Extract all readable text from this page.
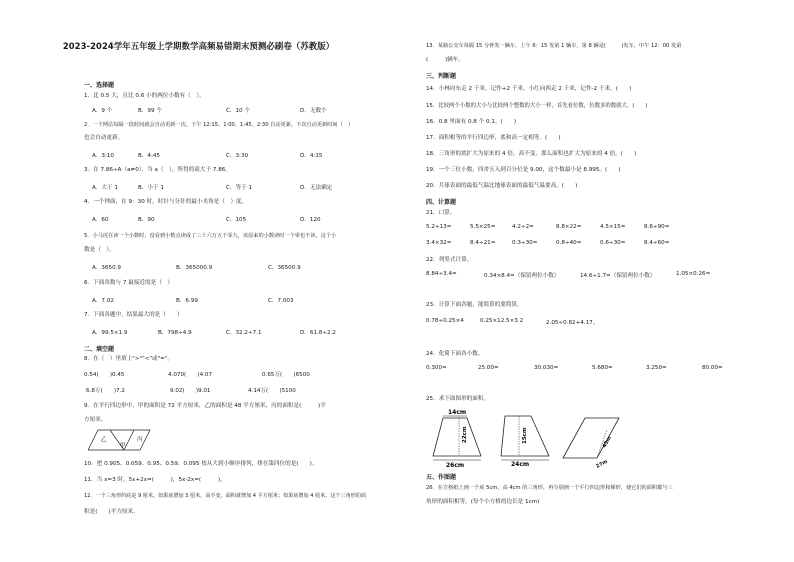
2023-2024学年五年级上学期数学高频易错期末预测必刷卷（苏教版）
一、选择题
1．比 0.5 大，且比 0.6 小的两位小数有（　）。
A．9 个	B．99 个	C．10 个	D．无数个
2．一个网站每隔一段时间就会自动更新一次，下午 12:15、1:00、1:45、2:30 自动更新，下次自动更新时间（　）
也会自动更新。
A．3:10	B．4:45	C．3:30	D．4:15
3．在 7.86÷A（a≠0），当 a（　），所得的商大于 7.86。
A．大于 1	B．小于 1	C．等于 1	D．无法确定
4．一个钟面，在 9：30 时，时针与分针的最小夹角是（　）度。
A．60	B．90	C．105	D．120
5．小马虎在读一个小数时，没看到小数点读成了三十六万五千零九，该原来的小数读时一个零也不读，这个小
数是（　）。
A．3650.9	B．365000.9	C．36500.9
6．下面各数与 7 最接近的是（　）
A．7.02	B．6.99	C．7.003
7．下面各题中，结果最大的是（　　）
A．99.5×1.9	B．798÷4.9	C．32.2÷7.1	D．61.8÷2.2
二、填空题
8．在（　）里填上">""<"或"="。
0.54(　　)0.45	4.070(　　)4.07	0.65万(　　)6500
6.8万(　　)7.2	9.02(　　)9.01	4.14万(　　)5100
9．在平行四边形中，甲的面积是 72 平方厘米，乙的面积是 48 平方厘米，丙的面积是(　　　)平
方厘米。
乙	丙
甲
10．把 0.905、0.059、0.95、0.59、0.095 按从大到小顺序排列，排在第四位的是(　　)。
11．当 x=3 时，5x+2x=(　　　)，5x-2x=(　　　)。
12．一个三角形的底是 9 厘米，如果底增加 3 厘米，高不变，面积就增加 4 平方厘米；如果底增加 4 厘米，这个三角形的面
积是(　　)平方厘米。
13．某路公交车每隔 15 分钟发一辆车，上午 6：15 发第 1 辆车，第 8 辆是(　　　)发车，中午 12：00 发第
(　　　)辆车。
三、判断题
14．小林向东走 2 千米，记作+2 千米，小红向西走 2 千米，记作-2 千米。(　　)
15．比较两个小数的大小与比较两个整数的大小一样，首先看位数，位数多的数就大。(　　)
16．0.8 里面有 0.8 个 0.1。(　　)
17．面积相等的平行四边形，底和高一定相等。(　　)
18．三角形的底扩大为原来的 4 倍，高不变，那么面积也扩大为原来的 4 倍。(　　)
19．一个三位小数，四舍五入到百分位是 9.00，这个数最小是 8.995。(　　)
20．月球表面的最低气温比地球表面的最低气温要高。(　　)
四、计算题
21．口算。
5.2÷13=	5.5×25=	4.2÷2=	8.8×22=	4.5×15=	8.6÷90=
3.4×32=	8.4÷21=	0.3÷30=	0.8÷40=	0.6÷30=	8.4÷60=
22．列竖式计算。
8.84÷3.4=	0.34×8.4=（保留两位小数）	14.6÷1.7=（保留两位小数）	1.05×0.26=
23．计算下面各题，能简算的要简算。
0.78÷0.25×4	0.25×12.5×3.2	2.05÷0.82+4.17。
24．化简下面各小数。
0.300=	25.00=	30.030=	5.680=	3.250=	80.00=
25．求下面图形的面积。
14cm
22cm
26cm
15cm
24cm
45m
27m
五、作图题
26．在方格纸上画一个底 5cm、高 4cm 的三角形，再分别画一个平行四边形和梯形，使它们的面积都与三
角形的面积相等。(每个小方格的边长是 1cm)
